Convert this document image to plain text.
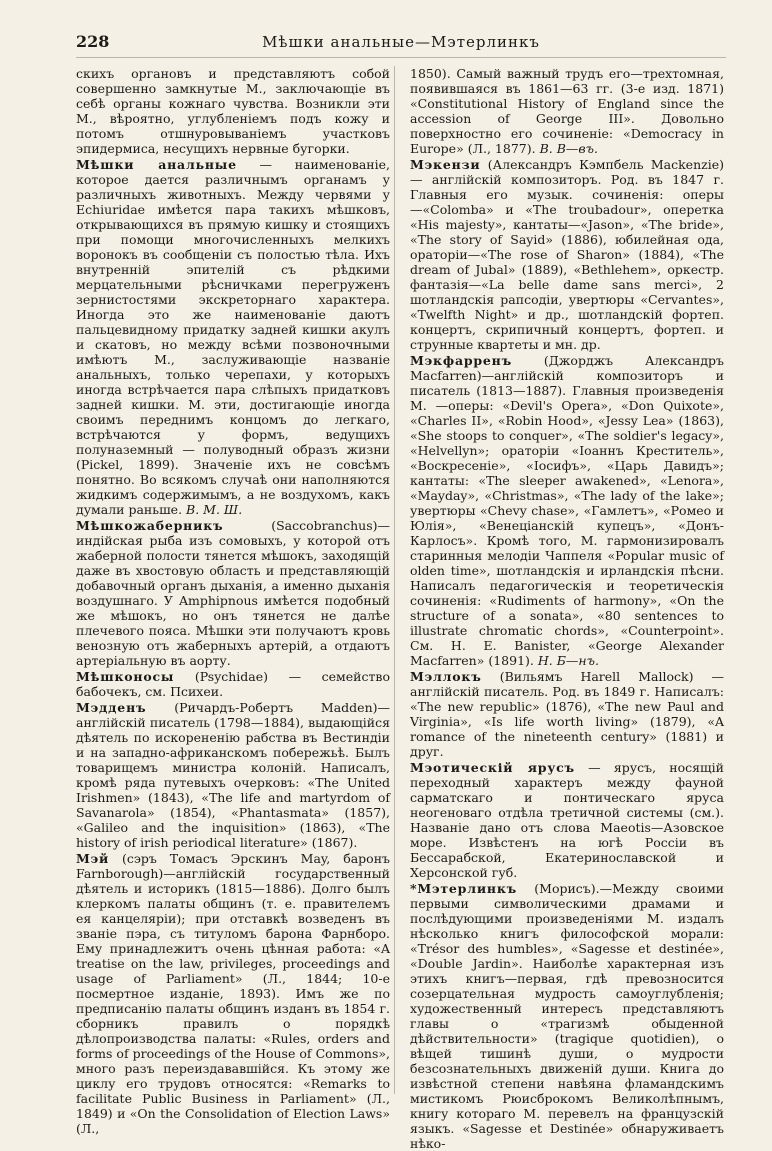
228	Мѣшки анальные—Мэтерлинкъ

скихъ органовъ и представляютъ собой совершенно замкнутые М., заключающіе въ себѣ органы кожнаго чувства. Возникли эти М., вѣроятно, углубленіемъ подъ кожу и потомъ отшнуровываніемъ участковъ эпидермиса, несущихъ нервные бугорки.

Мѣшки анальные — наименованіе, которое дается различнымъ органамъ у различныхъ животныхъ. Между червями у Echiuridae имѣется пара такихъ мѣшковъ, открывающихся въ прямую кишку и стоящихъ при помощи многочисленныхъ мелкихъ воронокъ въ сообщеніи съ полостью тѣла. Ихъ внутренній эпителій съ рѣдкими мерцательными рѣсничками перегруженъ зернистостями экскреторнаго характера. Иногда это же наименованіе даютъ пальцевидному придатку задней кишки акулъ и скатовъ, но между всѣми позвоночными имѣютъ М., заслуживающіе названіе анальныхъ, только черепахи, у которыхъ иногда встрѣчается пара слѣпыхъ придатковъ задней кишки. М. эти, достигающіе иногда своимъ переднимъ концомъ до легкаго, встрѣчаются у формъ, ведущихъ полуназемный — полуводный образъ жизни (Pickel, 1899). Значеніе ихъ не совсѣмъ понятно. Во всякомъ случаѣ они наполняются жидкимъ содержимымъ, а не воздухомъ, какъ думали раньше. В. М. Ш.

Мѣшкожаберникъ (Saccobranchus)—индійская рыба изъ сомовыхъ, у которой отъ жаберной полости тянется мѣшокъ, заходящій даже въ хвостовую область и представляющій добавочный органъ дыханія, а именно дыханія воздушнаго. У Amphipnous имѣется подобный же мѣшокъ, но онъ тянется не далѣе плечевого пояса. Мѣшки эти получаютъ кровь венозную отъ жаберныхъ артерій, а отдаютъ артеріальную въ аорту.

Мѣшконосы (Psychidae) — семейство бабочекъ, см. Психеи.

Мэдденъ (Ричардъ-Робертъ Madden)—англійскій писатель (1798—1884), выдающійся дѣятель по искорененію рабства въ Вестиндіи и на западно-африканскомъ побережьѣ. Былъ товарищемъ министра колоній. Написалъ, кромѣ ряда путевыхъ очерковъ: «The United Irishmen» (1843), «The life and martyrdom of Savanarola» (1854), «Phantasmata» (1857), «Galileo and the inquisition» (1863), «The history of irish periodical literature» (1867).

Мэй (сэръ Томасъ Эрскинъ May, баронъ Farnborough)—англійскій государственный дѣятель и историкъ (1815—1886). Долго былъ клеркомъ палаты общинъ (т. е. правителемъ ея канцеляріи); при отставкѣ возведенъ въ званіе пэра, съ титуломъ барона Фарнборо. Ему принадлежитъ очень цѣнная работа: «A treatise on the law, privileges, proceedings and usage of Parliament» (Л., 1844; 10-е посмертное изданіе, 1893). Имъ же по предписанію палаты общинъ изданъ въ 1854 г. сборникъ правилъ о порядкѣ дѣлопроизводства палаты: «Rules, orders and forms of proceedings of the House of Commons», много разъ переиздававшійся. Къ этому же циклу его трудовъ относятся: «Remarks to facilitate Public Business in Parliament» (Л., 1849) и «On the Consolidation of Election Laws» (Л.,

1850). Самый важный трудъ его—трехтомная, появившаяся въ 1861—63 гг. (3-е изд. 1871) «Constitutional History of England since the accession of George III». Довольно поверхностно его сочиненіе: «Democracy in Europe» (Л., 1877). В. В—въ.

Мэкензи (Александръ Кэмпбель Mackenzie) — англійскій композиторъ. Род. въ 1847 г. Главныя его музык. сочиненія: оперы—«Colomba» и «The troubadour», оперетка «His majesty», кантаты—«Jason», «The bride», «The story of Sayid» (1886), юбилейная ода, ораторіи—«The rose of Sharon» (1884), «The dream of Jubal» (1889), «Bethlehem», оркестр. фантазія—«La belle dame sans merci», 2 шотландскія рапсодіи, увертюры «Cervantes», «Twelfth Night» и др., шотландскій фортеп. концертъ, скрипичный концертъ, фортеп. и струнные квартеты и мн. др.

Мэкфарренъ (Джорджъ Александръ Macfarren)—англійскій композиторъ и писатель (1813—1887). Главныя произведенія М. —оперы: «Devil's Opera», «Don Quixote», «Charles II», «Robin Hood», «Jessy Lea» (1863), «She stoops to conquer», «The soldier's legacy», «Helvellyn»; ораторіи «Іоаннъ Креститель», «Воскресеніе», «Іосифъ», «Царь Давидъ»; кантаты: «The sleeper awakened», «Lenora», «Mayday», «Christmas», «The lady of the lake»; увертюры «Chevy chase», «Гамлетъ», «Ромео и Юлія», «Венеціанскій купецъ», «Донъ-Карлосъ». Кромѣ того, М. гармонизировалъ старинныя мелодіи Чаппеля «Popular music of olden time», шотландскія и ирландскія пѣсни. Написалъ педагогическія и теоретическія сочиненія: «Rudiments of harmony», «On the structure of a sonata», «80 sentences to illustrate chromatic chords», «Counterpoint». См. H. E. Banister, «George Alexander Macfarren» (1891). Н. Б—нъ.

Мэллокъ (Вильямъ Harell Mallock) — англійскій писатель. Род. въ 1849 г. Написалъ: «The new republic» (1876), «The new Paul and Virginia», «Is life worth living» (1879), «A romance of the nineteenth century» (1881) и друг.

Мэотическій ярусъ — ярусъ, носящій переходный характеръ между фауной сарматскаго и понтическаго яруса неогеноваго отдѣла третичной системы (см.). Названіе дано отъ слова Maeotis—Азовское море. Извѣстенъ на югѣ Россіи въ Бессарабской, Екатеринославской и Херсонской губ.

*Мэтерлинкъ (Морисъ).—Между своими первыми символическими драмами и послѣдующими произведеніями М. издалъ нѣсколько книгъ философской морали: «Trésor des humbles», «Sagesse et destinée», «Double Jardin». Наиболѣе характерная изъ этихъ книгъ—первая, гдѣ превозносится созерцательная мудрость самоуглубленія; художественный интересъ представляютъ главы о «трагизмѣ обыденной дѣйствительности» (tragique quotidien), о вѣщей тишинѣ души, о мудрости безсознательныхъ движеній души. Книга до извѣстной степени навѣяна фламандскимъ мистикомъ Рюисброкомъ Великолѣпнымъ, книгу котораго М. перевелъ на французскій языкъ. «Sagesse et Destinée» обнаруживаетъ нѣко-
